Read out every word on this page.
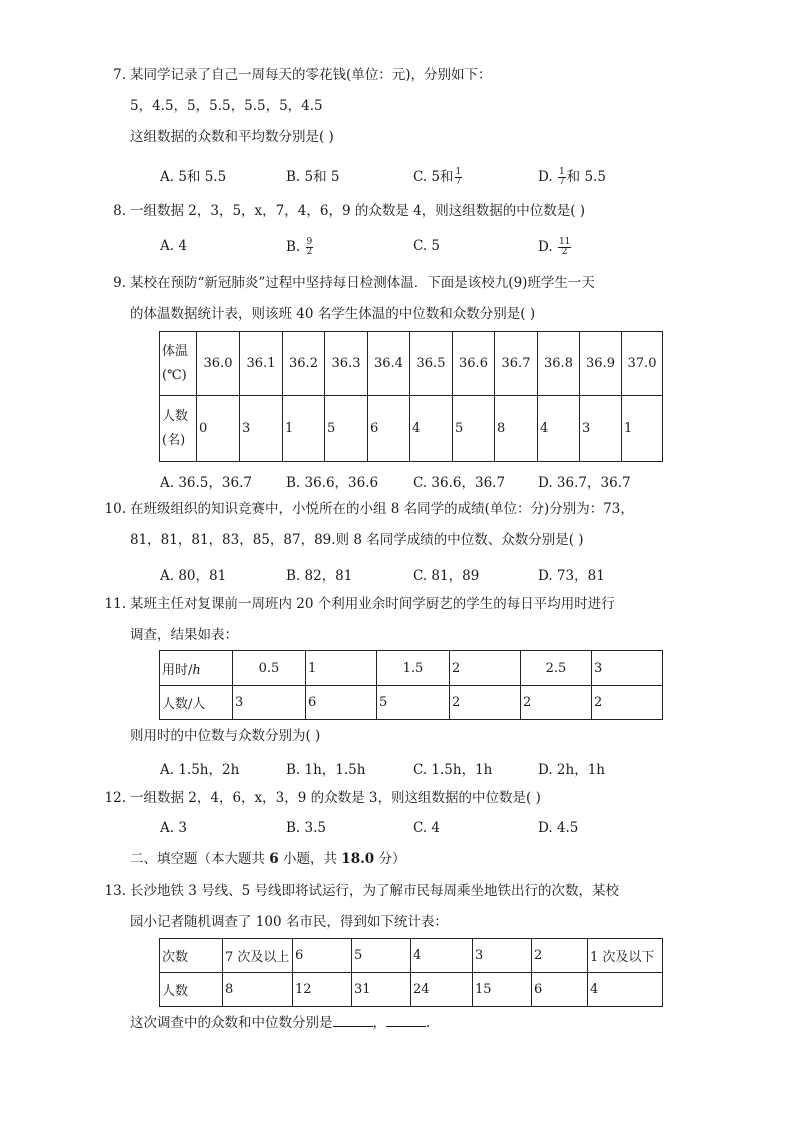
7. 某同学记录了自己一周每天的零花钱(单位：元)，分别如下：
5，4.5，5，5.5，5.5，5，4.5
这组数据的众数和平均数分别是( )
A. 5和 5.5	B. 5和 5	C. 5和 $\frac{1}{7}$	D. $\frac{1}{7}$ 和 5.5
8. 一组数据 2，3，5，x，7，4，6，9 的众数是 4，则这组数据的中位数是( )
A. 4	B. $\frac{9}{2}$	C. 5	D. $\frac{11}{2}$
9. 某校在预防“新冠肺炎”过程中坚持每日检测体温．下面是该校九(9)班学生一天
的体温数据统计表，则该班 40 名学生体温的中位数和众数分别是( )
体温
(℃)	36.0	36.1	36.2	36.3	36.4	36.5	36.6	36.7	36.8	36.9	37.0
人数
(名)	0	3	1	5	6	4	5	8	4	3	1
A. 36.5，36.7	B. 36.6，36.6	C. 36.6，36.7 D. 36.7，36.7
10. 在班级组织的知识竞赛中，小悦所在的小组 8 名同学的成绩(单位：分)分别为：73，
81，81，81，83，85，87，89.则 8 名同学成绩的中位数、众数分别是( )
A. 80，81	B. 82，81	C. 81，89	D. 73，81
11. 某班主任对复课前一周班内 20 个利用业余时间学厨艺的学生的每日平均用时进行
调查，结果如表：
用时/h	0.5	1	1.5	2	2.5	3
人数/人	3	6	5	2	2	2
则用时的中位数与众数分别为( )
A. 1.5h，2h	B. 1h，1.5h	C. 1.5h，1h	D. 2h，1h
12. 一组数据 2，4，6，x，3，9 的众数是 3，则这组数据的中位数是( )
A. 3	B. 3.5	C. 4	D. 4.5
二、填空题（本大题共 6 小题，共 18.0 分）
13. 长沙地铁 3 号线、5 号线即将试运行，为了解市民每周乘坐地铁出行的次数，某校
园小记者随机调查了 100 名市民，得到如下统计表：
次数	7 次及以上	6	5	4	3	2	1 次及以下
人数	8	12	31	24	15	6	4
这次调查中的众数和中位数分别是	，	.
